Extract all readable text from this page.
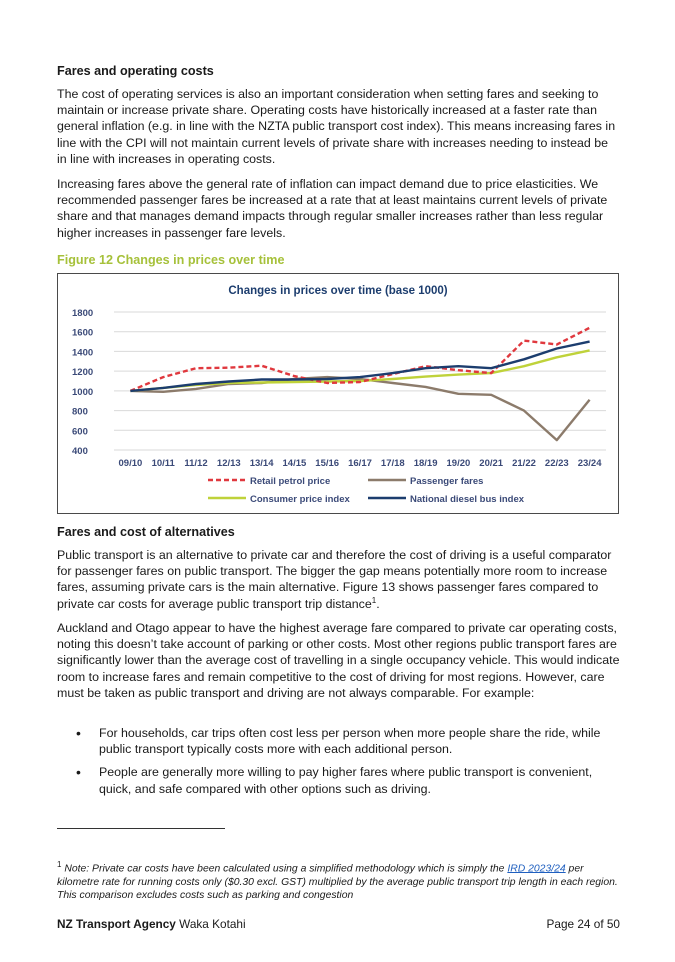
Fares and operating costs

The cost of operating services is also an important consideration when setting fares and seeking to maintain or increase private share. Operating costs have historically increased at a faster rate than general inflation (e.g. in line with the NZTA public transport cost index). This means increasing fares in line with the CPI will not maintain current levels of private share with increases needing to instead be in line with increases in operating costs.

Increasing fares above the general rate of inflation can impact demand due to price elasticities. We recommended passenger fares be increased at a rate that at least maintains current levels of private share and that manages demand impacts through regular smaller increases rather than less regular higher increases in passenger fare levels.

Figure 12 Changes in prices over time
Changes in prices over time (base 1000)
400
600
800
1000
1200
1400
1600
1800
09/10 10/11 11/12 12/13 13/14 14/15 15/16 16/17 17/18 18/19 19/20 20/21 21/22 22/23 23/24
Retail petrol price	Passenger fares
Consumer price index	National diesel bus index
Fares and cost of alternatives

Public transport is an alternative to private car and therefore the cost of driving is a useful comparator for passenger fares on public transport. The bigger the gap means potentially more room to increase fares, assuming private cars is the main alternative. Figure 13 shows passenger fares compared to private car costs for average public transport trip distance$^1$.

Auckland and Otago appear to have the highest average fare compared to private car operating costs, noting this doesn’t take account of parking or other costs. Most other regions public transport fares are significantly lower than the average cost of travelling in a single occupancy vehicle. This would indicate room to increase fares and remain competitive to the cost of driving for most regions. However, care must be taken as public transport and driving are not always comparable. For example:

• For households, car trips often cost less per person when more people share the ride, while public transport typically costs more with each additional person.
• People are generally more willing to pay higher fares where public transport is convenient, quick, and safe compared with other options such as driving.
$^1$ Note: Private car costs have been calculated using a simplified methodology which is simply the IRD 2023/24 per kilometre rate for running costs only ($0.30 excl. GST) multiplied by the average public transport trip length in each region. This comparison excludes costs such as parking and congestion
NZ Transport Agency Waka Kotahi	Page 24 of 50
